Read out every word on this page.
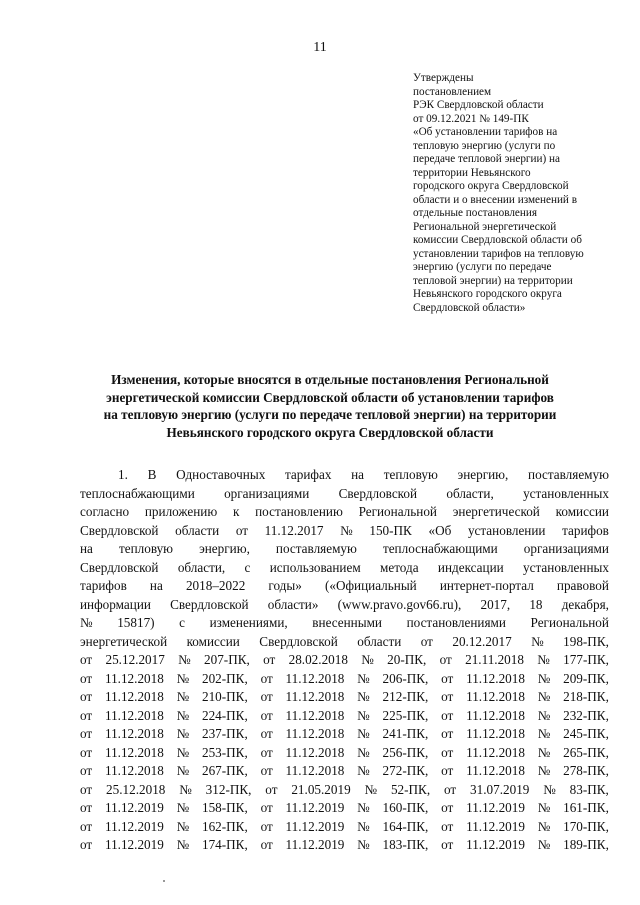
11
Утверждены
постановлением
РЭК Свердловской области
от 09.12.2021 № 149-ПК
«Об установлении тарифов на
тепловую энергию (услуги по
передаче тепловой энергии) на
территории Невьянского
городского округа Свердловской
области и о внесении изменений в
отдельные постановления
Региональной энергетической
комиссии Свердловской области об
установлении тарифов на тепловую
энергию (услуги по передаче
тепловой энергии) на территории
Невьянского городского округа
Свердловской области»
Изменения, которые вносятся в отдельные постановления Региональной
энергетической комиссии Свердловской области об установлении тарифов
на тепловую энергию (услуги по передаче тепловой энергии) на территории
Невьянского городского округа Свердловской области
1. В Одноставочных тарифах на тепловую энергию, поставляемую
теплоснабжающими организациями Свердловской области, установленных
согласно приложению к постановлению Региональной энергетической комиссии
Свердловской области от 11.12.2017 № 150-ПК «Об установлении тарифов
на тепловую энергию, поставляемую теплоснабжающими организациями
Свердловской области, с использованием метода индексации установленных
тарифов на 2018–2022 годы» («Официальный интернет-портал правовой
информации Свердловской области» (www.pravo.gov66.ru), 2017, 18 декабря,
№ 15817) с изменениями, внесенными постановлениями Региональной
энергетической комиссии Свердловской области от 20.12.2017 № 198-ПК,
от 25.12.2017 № 207-ПК, от 28.02.2018 № 20-ПК, от 21.11.2018 № 177-ПК,
от 11.12.2018 № 202-ПК, от 11.12.2018 № 206-ПК, от 11.12.2018 № 209-ПК,
от 11.12.2018 № 210-ПК, от 11.12.2018 № 212-ПК, от 11.12.2018 № 218-ПК,
от 11.12.2018 № 224-ПК, от 11.12.2018 № 225-ПК, от 11.12.2018 № 232-ПК,
от 11.12.2018 № 237-ПК, от 11.12.2018 № 241-ПК, от 11.12.2018 № 245-ПК,
от 11.12.2018 № 253-ПК, от 11.12.2018 № 256-ПК, от 11.12.2018 № 265-ПК,
от 11.12.2018 № 267-ПК, от 11.12.2018 № 272-ПК, от 11.12.2018 № 278-ПК,
от 25.12.2018 № 312-ПК, от 21.05.2019 № 52-ПК, от 31.07.2019 № 83-ПК,
от 11.12.2019 № 158-ПК, от 11.12.2019 № 160-ПК, от 11.12.2019 № 161-ПК,
от 11.12.2019 № 162-ПК, от 11.12.2019 № 164-ПК, от 11.12.2019 № 170-ПК,
от 11.12.2019 № 174-ПК, от 11.12.2019 № 183-ПК, от 11.12.2019 № 189-ПК,
